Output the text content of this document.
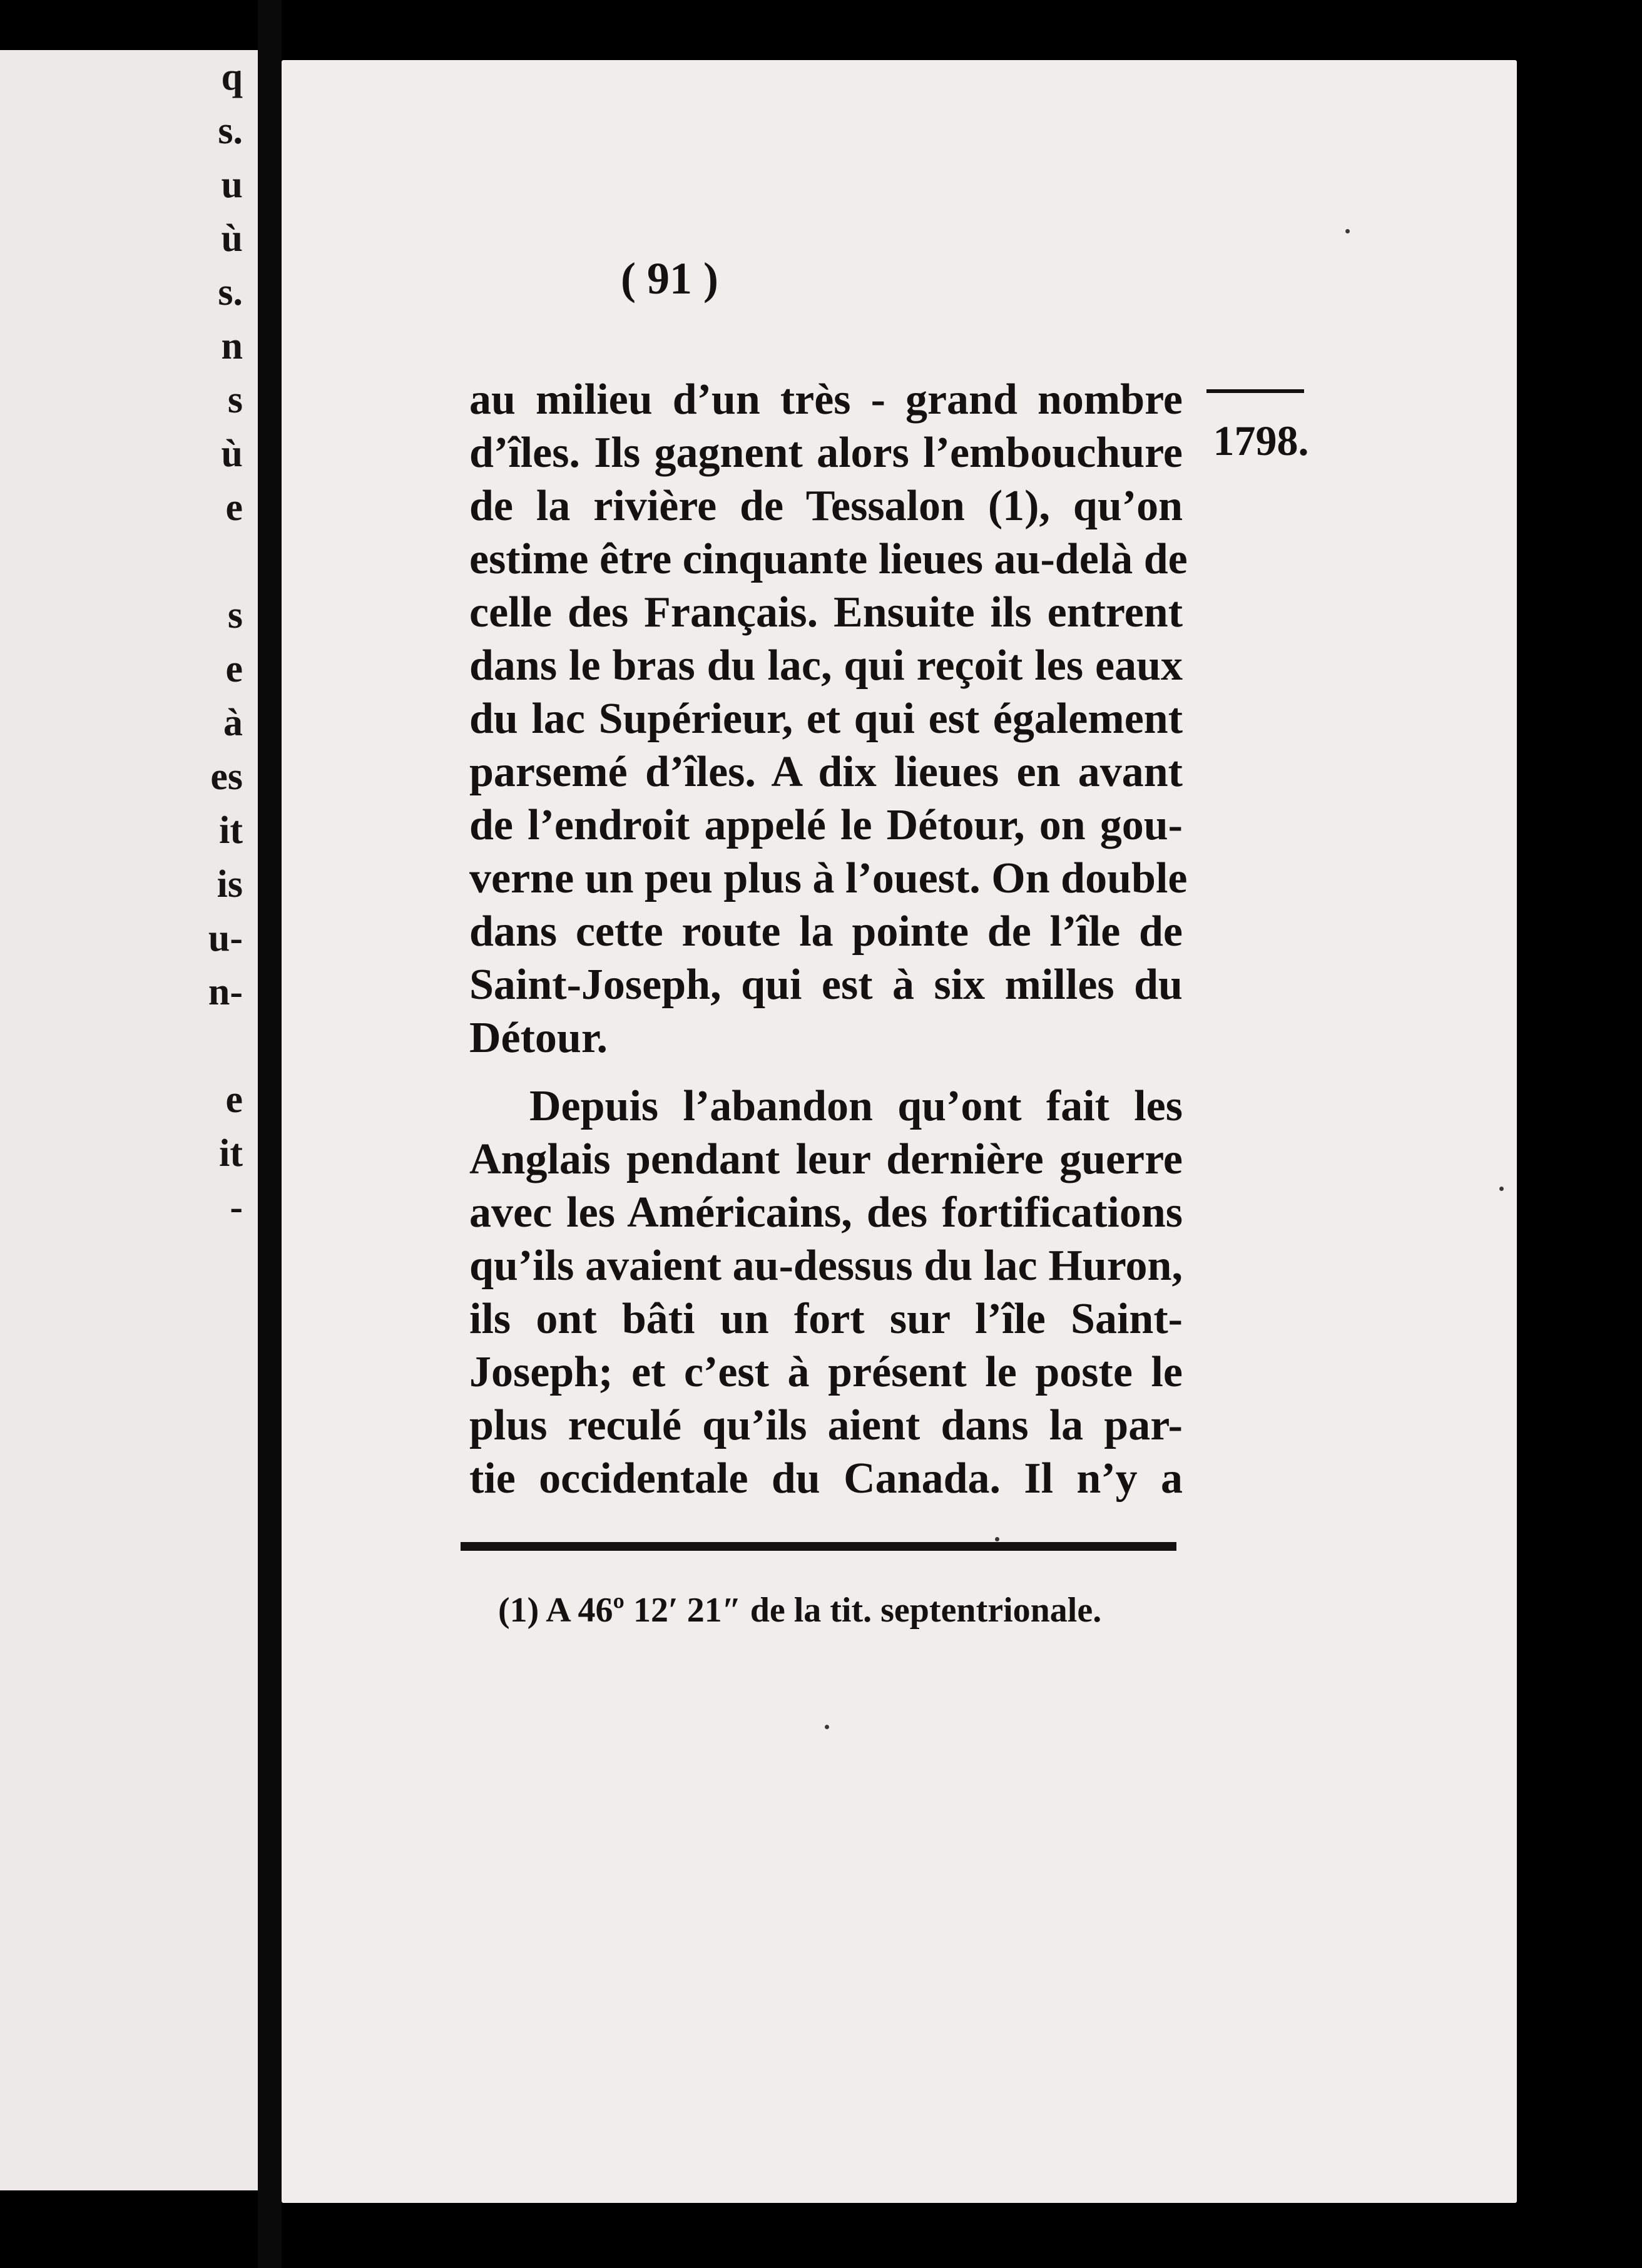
q
s.
u
ù
s.
n
s
ù
e
s
e
à
es
it
is
u-
n-
e
it
-
( 91 )
1798.
au milieu d’un très - grand nombre
d’îles. Ils gagnent alors l’embouchure
de la rivière de Tessalon (1), qu’on
estime être cinquante lieues au-delà de
celle des Français. Ensuite ils entrent
dans le bras du lac, qui reçoit les eaux
du lac Supérieur, et qui est également
parsemé d’îles. A dix lieues en avant
de l’endroit appelé le Détour, on gou-
verne un peu plus à l’ouest. On double
dans cette route la pointe de l’île de
Saint-Joseph, qui est à six milles du
Détour.
Depuis l’abandon qu’ont fait les
Anglais pendant leur dernière guerre
avec les Américains, des fortifications
qu’ils avaient au-dessus du lac Huron,
ils ont bâti un fort sur l’île Saint-
Joseph; et c’est à présent le poste le
plus reculé qu’ils aient dans la par-
tie occidentale du Canada. Il n’y a
(1) A 46º 12′ 21″ de la tit. septentrionale.
